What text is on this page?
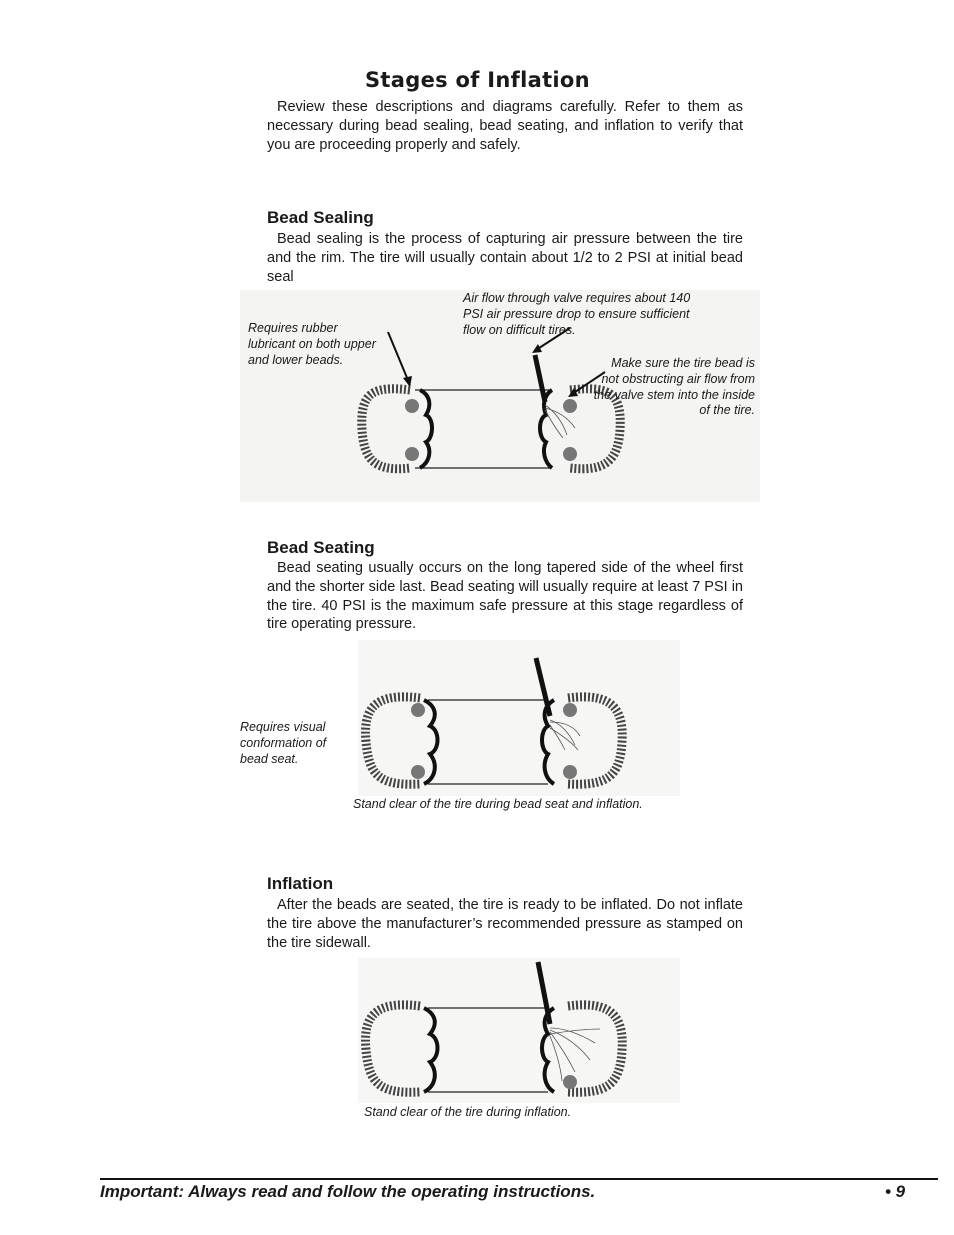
Stages of Inflation

Review these descriptions and diagrams carefully. Refer to them as necessary during bead sealing, bead seating, and inflation to verify that you are proceeding properly and safely.

Bead Sealing

Bead sealing is the process of capturing air pressure between the tire and the rim. The tire will usually contain about 1/2 to 2 PSI at initial bead seal

Requires rubber lubricant on both upper and lower beads.
Air flow through valve requires about 140 PSI air pressure drop to ensure sufficient flow on difficult tires.
Make sure the tire bead is not obstructing air flow from the valve stem into the inside of the tire.
Bead Seating

Bead seating usually occurs on the long tapered side of the wheel first and the shorter side last. Bead seating will usually require at least 7 PSI in the tire. 40 PSI is the maximum safe pressure at this stage regardless of tire operating pressure.

Requires visual conformation of bead seat.
Stand clear of the tire during bead seat and inflation.
Inflation

After the beads are seated, the tire is ready to be inflated. Do not inflate the tire above the manufacturer’s recommended pressure as stamped on the tire sidewall.

Stand clear of the tire during inflation.
Important: Always read and follow the operating instructions.	• 9
